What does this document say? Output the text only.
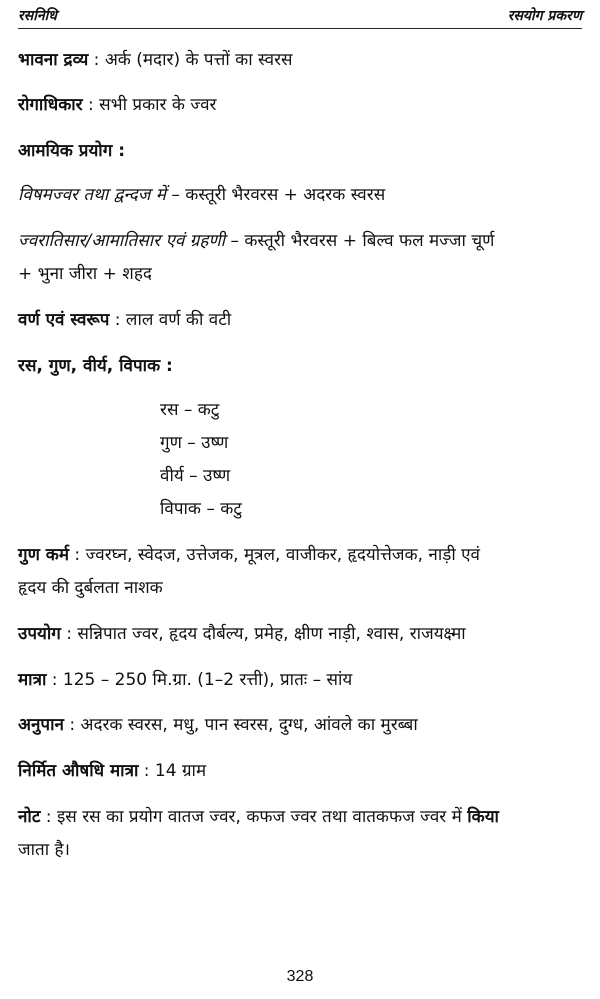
रसनिधि	रसयोग प्रकरण
भावना द्रव्य : अर्क (मदार) के पत्तों का स्वरस
रोगाधिकार : सभी प्रकार के ज्वर
आमयिक प्रयोग :
विषमज्वर तथा द्वन्दज में – कस्तूरी भैरवरस + अदरक स्वरस
ज्वरातिसार/आमातिसार एवं ग्रहणी – कस्तूरी भैरवरस + बिल्व फल मज्जा चूर्ण
+ भुना जीरा + शहद
वर्ण एवं स्वरूप : लाल वर्ण की वटी
रस, गुण, वीर्य, विपाक :
रस – कटु
गुण – उष्ण
वीर्य – उष्ण
विपाक – कटु
गुण कर्म : ज्वरघ्न, स्वेदज, उत्तेजक, मूत्रल, वाजीकर, हृदयोत्तेजक, नाड़ी एवं
हृदय की दुर्बलता नाशक
उपयोग : सन्निपात ज्वर, हृदय दौर्बल्य, प्रमेह, क्षीण नाड़ी, श्वास, राजयक्ष्मा
मात्रा : 125 – 250 मि.ग्रा. (1–2 रत्ती), प्रातः – सांय
अनुपान : अदरक स्वरस, मधु, पान स्वरस, दुग्ध, आंवले का मुरब्बा
निर्मित औषधि मात्रा : 14 ग्राम
नोट : इस रस का प्रयोग वातज ज्वर, कफज ज्वर तथा वातकफज ज्वर में किया
जाता है।
328
